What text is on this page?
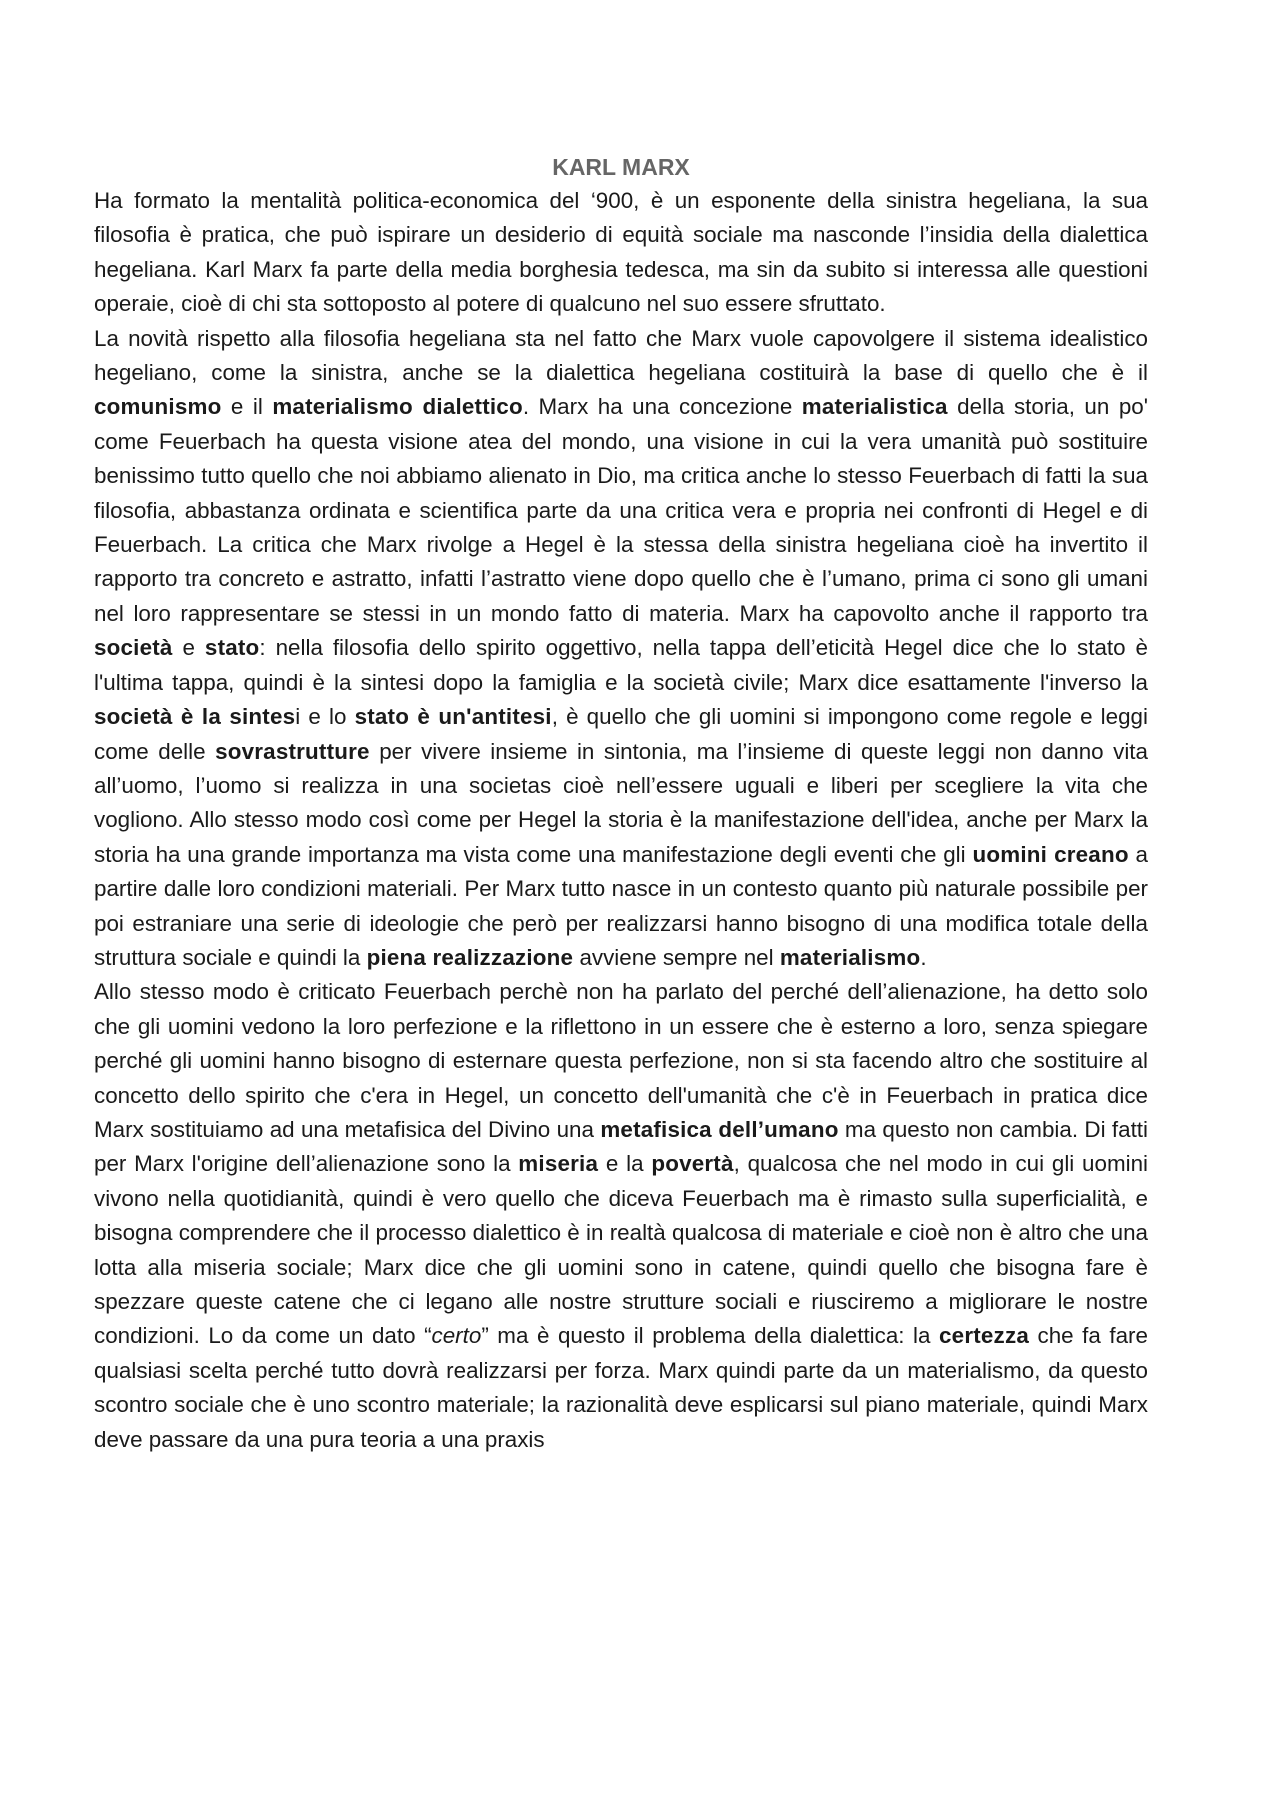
KARL MARX

Ha formato la mentalità politica-economica del ‘900, è un esponente della sinistra hegeliana, la sua filosofia è pratica, che può ispirare un desiderio di equità sociale ma nasconde l’insidia della dialettica hegeliana. Karl Marx fa parte della media borghesia tedesca, ma sin da subito si interessa alle questioni operaie, cioè di chi sta sottoposto al potere di qualcuno nel suo essere sfruttato.

La novità rispetto alla filosofia hegeliana sta nel fatto che Marx vuole capovolgere il sistema idealistico hegeliano, come la sinistra, anche se la dialettica hegeliana costituirà la base di quello che è il comunismo e il materialismo dialettico. Marx ha una concezione materialistica della storia, un po' come Feuerbach ha questa visione atea del mondo, una visione in cui la vera umanità può sostituire benissimo tutto quello che noi abbiamo alienato in Dio, ma critica anche lo stesso Feuerbach di fatti la sua filosofia, abbastanza ordinata e scientifica parte da una critica vera e propria nei confronti di Hegel e di Feuerbach. La critica che Marx rivolge a Hegel è la stessa della sinistra hegeliana cioè ha invertito il rapporto tra concreto e astratto, infatti l’astratto viene dopo quello che è l’umano, prima ci sono gli umani nel loro rappresentare se stessi in un mondo fatto di materia. Marx ha capovolto anche il rapporto tra società e stato: nella filosofia dello spirito oggettivo, nella tappa dell’eticità Hegel dice che lo stato è l'ultima tappa, quindi è la sintesi dopo la famiglia e la società civile; Marx dice esattamente l'inverso la società è la sintesi e lo stato è un'antitesi, è quello che gli uomini si impongono come regole e leggi come delle sovrastrutture per vivere insieme in sintonia, ma l’insieme di queste leggi non danno vita all’uomo, l’uomo si realizza in una societas cioè nell’essere uguali e liberi per scegliere la vita che vogliono. Allo stesso modo così come per Hegel la storia è la manifestazione dell'idea, anche per Marx la storia ha una grande importanza ma vista come una manifestazione degli eventi che gli uomini creano a partire dalle loro condizioni materiali. Per Marx tutto nasce in un contesto quanto più naturale possibile per poi estraniare una serie di ideologie che però per realizzarsi hanno bisogno di una modifica totale della struttura sociale e quindi la piena realizzazione avviene sempre nel materialismo.

Allo stesso modo è criticato Feuerbach perchè non ha parlato del perché dell’alienazione, ha detto solo che gli uomini vedono la loro perfezione e la riflettono in un essere che è esterno a loro, senza spiegare perché gli uomini hanno bisogno di esternare questa perfezione, non si sta facendo altro che sostituire al concetto dello spirito che c'era in Hegel, un concetto dell'umanità che c'è in Feuerbach in pratica dice Marx sostituiamo ad una metafisica del Divino una metafisica dell’umano ma questo non cambia. Di fatti per Marx l'origine dell’alienazione sono la miseria e la povertà, qualcosa che nel modo in cui gli uomini vivono nella quotidianità, quindi è vero quello che diceva Feuerbach ma è rimasto sulla superficialità, e bisogna comprendere che il processo dialettico è in realtà qualcosa di materiale e cioè non è altro che una lotta alla miseria sociale; Marx dice che gli uomini sono in catene, quindi quello che bisogna fare è spezzare queste catene che ci legano alle nostre strutture sociali e riusciremo a migliorare le nostre condizioni. Lo da come un dato “certo” ma è questo il problema della dialettica: la certezza che fa fare qualsiasi scelta perché tutto dovrà realizzarsi per forza. Marx quindi parte da un materialismo, da questo scontro sociale che è uno scontro materiale; la razionalità deve esplicarsi sul piano materiale, quindi Marx deve passare da una pura teoria a una praxis
